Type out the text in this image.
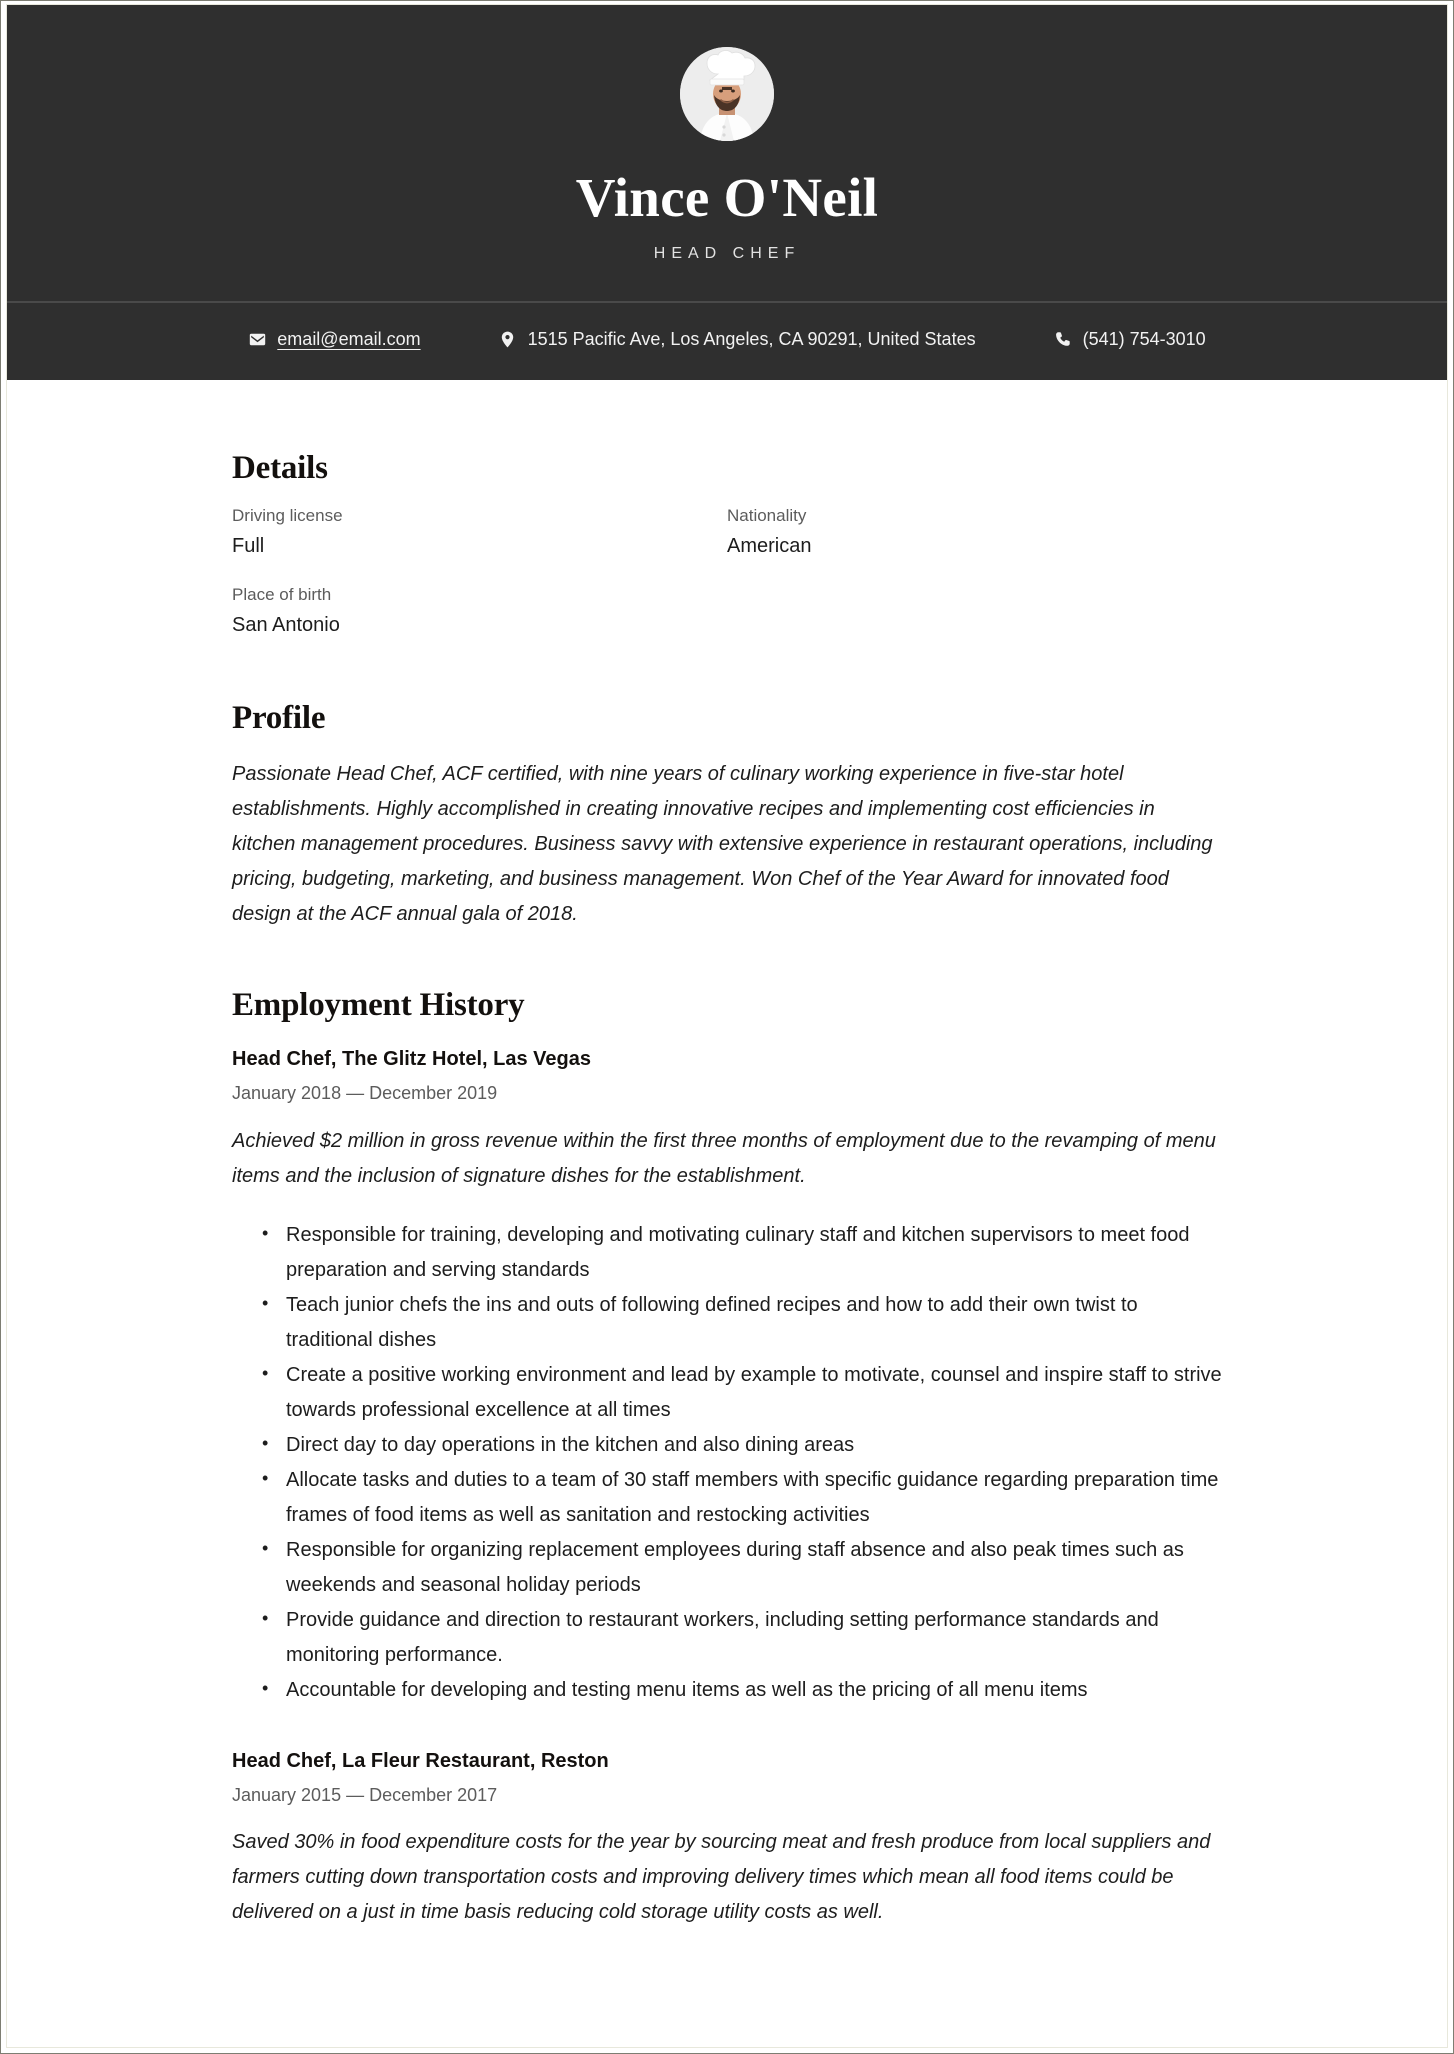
Vince O'Neil

HEAD CHEF

email@email.com	1515 Pacific Ave, Los Angeles, CA 90291, United States	(541) 754-3010
Details
Driving license
Full
Nationality
American
Place of birth
San Antonio
Profile

Passionate Head Chef, ACF certified, with nine years of culinary working experience in five-star hotel establishments. Highly accomplished in creating innovative recipes and implementing cost efficiencies in kitchen management procedures. Business savvy with extensive experience in restaurant operations, including pricing, budgeting, marketing, and business management. Won Chef of the Year Award for innovated food design at the ACF annual gala of 2018.

Employment History
Head Chef, The Glitz Hotel, Las Vegas
January 2018 — December 2019

Achieved $2 million in gross revenue within the first three months of employment due to the revamping of menu items and the inclusion of signature dishes for the establishment.

• Responsible for training, developing and motivating culinary staff and kitchen supervisors to meet food preparation and serving standards
• Teach junior chefs the ins and outs of following defined recipes and how to add their own twist to traditional dishes
• Create a positive working environment and lead by example to motivate, counsel and inspire staff to strive towards professional excellence at all times
• Direct day to day operations in the kitchen and also dining areas
• Allocate tasks and duties to a team of 30 staff members with specific guidance regarding preparation time frames of food items as well as sanitation and restocking activities
• Responsible for organizing replacement employees during staff absence and also peak times such as weekends and seasonal holiday periods
• Provide guidance and direction to restaurant workers, including setting performance standards and monitoring performance.
• Accountable for developing and testing menu items as well as the pricing of all menu items
Head Chef, La Fleur Restaurant, Reston
January 2015 — December 2017

Saved 30% in food expenditure costs for the year by sourcing meat and fresh produce from local suppliers and farmers cutting down transportation costs and improving delivery times which mean all food items could be delivered on a just in time basis reducing cold storage utility costs as well.
